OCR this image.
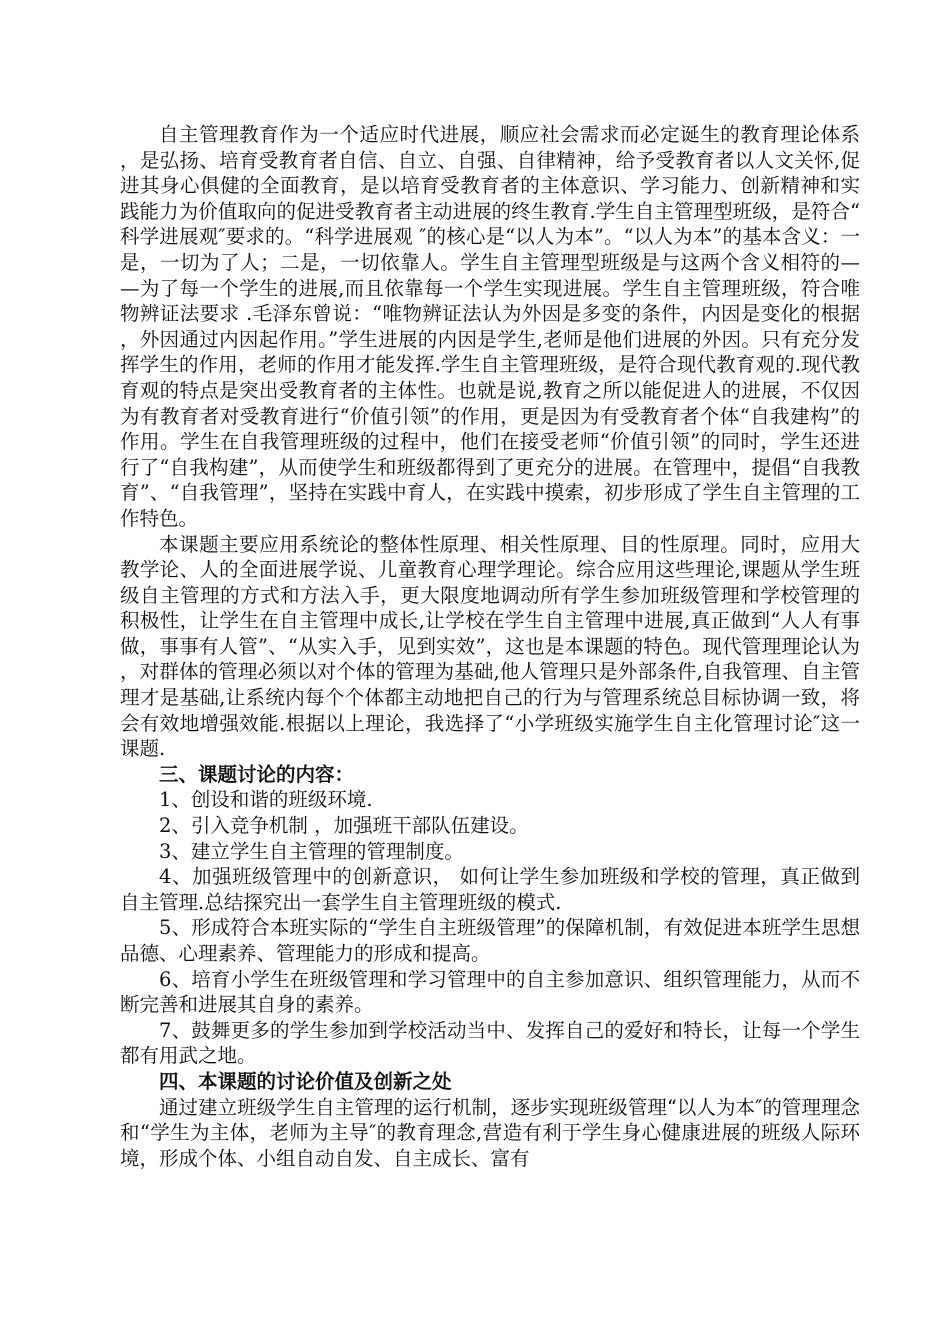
自主管理教育作为一个适应时代进展，顺应社会需求而必定诞生的教育理论体系，是弘扬、培育受教育者自信、自立、自强、自律精神，给予受教育者以人文关怀,促进其身心俱健的全面教育，是以培育受教育者的主体意识、学习能力、创新精神和实践能力为价值取向的促进受教育者主动进展的终生教育.学生自主管理型班级，是符合“科学进展观″要求的。“科学进展观 ″的核心是“以人为本”。“以人为本”的基本含义：一是，一切为了人；二是，一切依靠人。学生自主管理型班级是与这两个含义相符的——为了每一个学生的进展,而且依靠每一个学生实现进展。学生自主管理班级，符合唯物辨证法要求 .毛泽东曾说：“唯物辨证法认为外因是多变的条件，内因是变化的根据，外因通过内因起作用。”学生进展的内因是学生,老师是他们进展的外因。只有充分发挥学生的作用，老师的作用才能发挥.学生自主管理班级，是符合现代教育观的.现代教育观的特点是突出受教育者的主体性。也就是说,教育之所以能促进人的进展，不仅因为有教育者对受教育进行“价值引领”的作用，更是因为有受教育者个体“自我建构”的作用。学生在自我管理班级的过程中，他们在接受老师“价值引领”的同时，学生还进行了“自我构建”，从而使学生和班级都得到了更充分的进展。在管理中，提倡“自我教育”、“自我管理”，坚持在实践中育人，在实践中摸索，初步形成了学生自主管理的工作特色。

本课题主要应用系统论的整体性原理、相关性原理、目的性原理。同时，应用大教学论、人的全面进展学说、儿童教育心理学理论。综合应用这些理论,课题从学生班级自主管理的方式和方法入手，更大限度地调动所有学生参加班级管理和学校管理的积极性，让学生在自主管理中成长,让学校在学生自主管理中进展,真正做到“人人有事做，事事有人管”、“从实入手，见到实效”，这也是本课题的特色。现代管理理论认为，对群体的管理必须以对个体的管理为基础,他人管理只是外部条件,自我管理、自主管理才是基础,让系统内每个个体都主动地把自己的行为与管理系统总目标协调一致，将会有效地增强效能.根据以上理论，我选择了“小学班级实施学生自主化管理讨论″这一课题.

三、课题讨论的内容：

1、创设和谐的班级环境.

2、引入竞争机制 ，加强班干部队伍建设。

3、建立学生自主管理的管理制度。

4、加强班级管理中的创新意识， 如何让学生参加班级和学校的管理，真正做到自主管理.总结探究出一套学生自主管理班级的模式.

5、形成符合本班实际的“学生自主班级管理”的保障机制，有效促进本班学生思想品德、心理素养、管理能力的形成和提高。

6、培育小学生在班级管理和学习管理中的自主参加意识、组织管理能力，从而不断完善和进展其自身的素养。

7、鼓舞更多的学生参加到学校活动当中、发挥自己的爱好和特长，让每一个学生都有用武之地。

四、本课题的讨论价值及创新之处

通过建立班级学生自主管理的运行机制，逐步实现班级管理“以人为本″的管理理念和“学生为主体，老师为主导″的教育理念,营造有利于学生身心健康进展的班级人际环境，形成个体、小组自动自发、自主成长、富有
